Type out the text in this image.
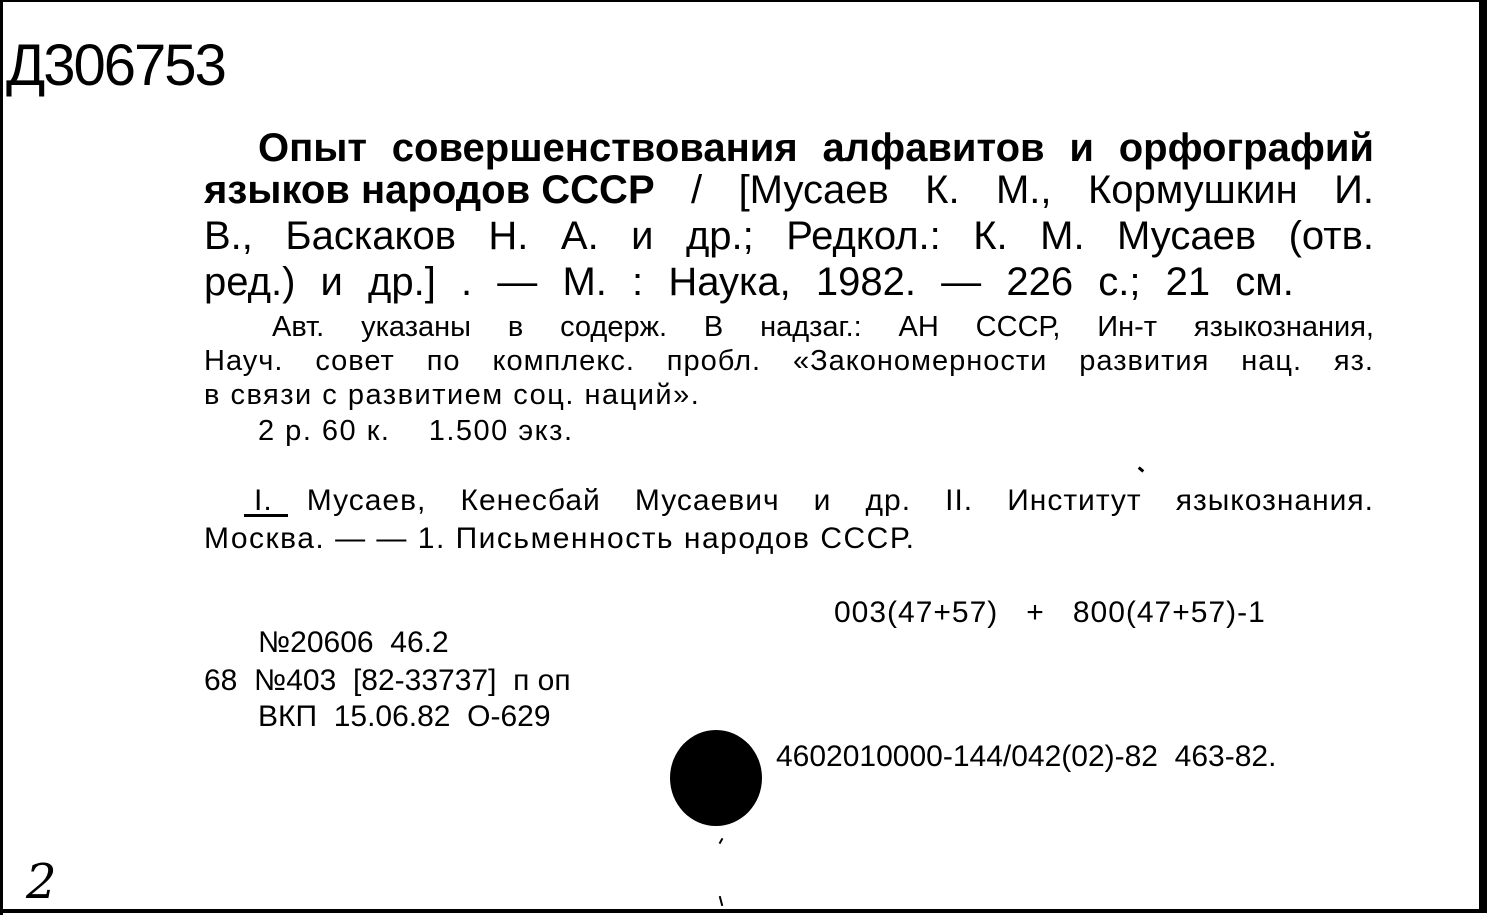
Д306753
Опыт совершенствования алфавитов и орфографий
языков народов СССР / [Мусаев К. М., Кормушкин И.
В., Баскаков Н. А. и др.; Редкол.: К. М. Мусаев (отв.
ред.) и др.] . — М. : Наука, 1982. — 226 с.; 21 см.
Авт. указаны в содерж. В надзаг.: АН СССР, Ин-т языкознания,
Науч. совет по комплекс. пробл. «Закономерности развития нац. яз.
в связи с развитием соц. наций».
2 р. 60 к.    1.500 экз.
I. Мусаев, Кенесбай Мусаевич и др. II. Институт языкознания.
Москва. — — 1. Письменность народов СССР.
003(47+57)   +   800(47+57)-1
№20606  46.2
68  №403  [82-33737]  п оп
ВКП  15.06.82  О-629
4602010000-144/042(02)-82  463-82.
2
